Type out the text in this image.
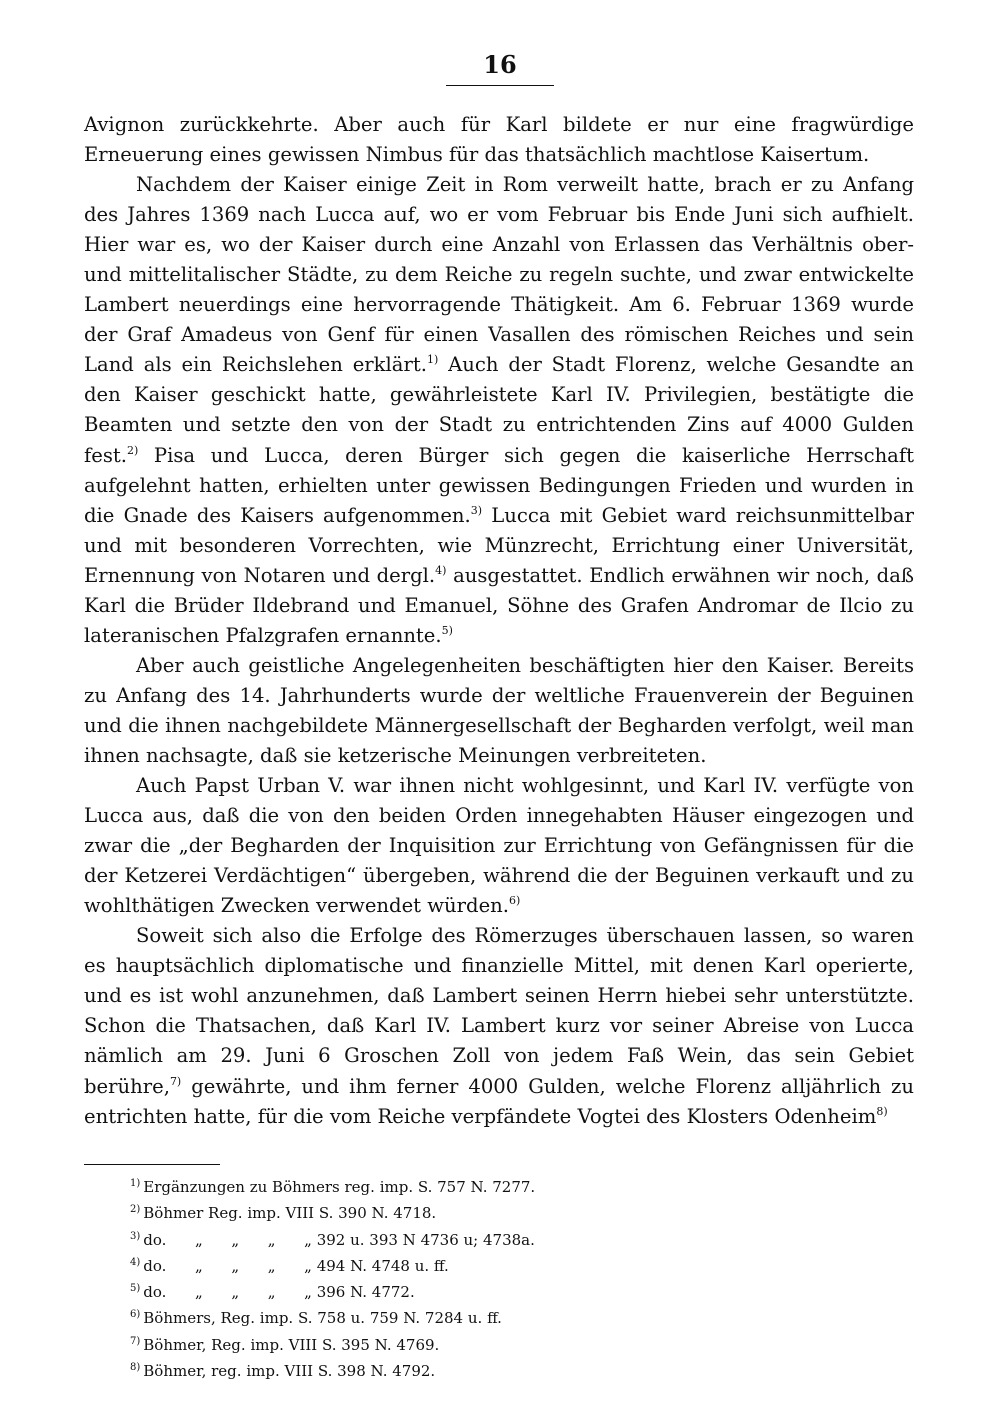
16

Avignon zurückkehrte. Aber auch für Karl bildete er nur eine fragwürdige Erneuerung eines gewissen Nimbus für das thatsächlich machtlose Kaisertum.

Nachdem der Kaiser einige Zeit in Rom verweilt hatte, brach er zu Anfang des Jahres 1369 nach Lucca auf, wo er vom Februar bis Ende Juni sich aufhielt. Hier war es, wo der Kaiser durch eine Anzahl von Erlassen das Verhältnis ober- und mittelitalischer Städte, zu dem Reiche zu regeln suchte, und zwar entwickelte Lambert neuerdings eine hervorragende Thätigkeit. Am 6. Februar 1369 wurde der Graf Amadeus von Genf für einen Vasallen des römischen Reiches und sein Land als ein Reichslehen erklärt.$^{1)}$ Auch der Stadt Florenz, welche Gesandte an den Kaiser geschickt hatte, gewährleistete Karl IV. Privilegien, bestätigte die Beamten und setzte den von der Stadt zu entrichtenden Zins auf 4000 Gulden fest.$^{2)}$ Pisa und Lucca, deren Bürger sich gegen die kaiserliche Herrschaft aufgelehnt hatten, erhielten unter gewissen Bedingungen Frieden und wurden in die Gnade des Kaisers aufgenommen.$^{3)}$ Lucca mit Gebiet ward reichsunmittelbar und mit besonderen Vorrechten, wie Münzrecht, Errichtung einer Universität, Ernennung von Notaren und dergl.$^{4)}$ ausgestattet. Endlich erwähnen wir noch, daß Karl die Brüder Ildebrand und Emanuel, Söhne des Grafen Andromar de Ilcio zu lateranischen Pfalzgrafen ernannte.$^{5)}$

Aber auch geistliche Angelegenheiten beschäftigten hier den Kaiser. Bereits zu Anfang des 14. Jahrhunderts wurde der weltliche Frauenverein der Beguinen und die ihnen nachgebildete Männergesellschaft der Begharden verfolgt, weil man ihnen nachsagte, daß sie ketzerische Meinungen verbreiteten.

Auch Papst Urban V. war ihnen nicht wohlgesinnt, und Karl IV. verfügte von Lucca aus, daß die von den beiden Orden innegehabten Häuser eingezogen und zwar die „der Begharden der Inquisition zur Errichtung von Gefängnissen für die der Ketzerei Verdächtigen“ übergeben, während die der Beguinen verkauft und zu wohlthätigen Zwecken verwendet würden.$^{6)}$

Soweit sich also die Erfolge des Römerzuges überschauen lassen, so waren es hauptsächlich diplomatische und finanzielle Mittel, mit denen Karl operierte, und es ist wohl anzunehmen, daß Lambert seinen Herrn hiebei sehr unterstützte. Schon die Thatsachen, daß Karl IV. Lambert kurz vor seiner Abreise von Lucca nämlich am 29. Juni 6 Groschen Zoll von jedem Faß Wein, das sein Gebiet berühre,$^{7)}$ gewährte, und ihm ferner 4000 Gulden, welche Florenz alljährlich zu entrichten hatte, für die vom Reiche verpfändete Vogtei des Klosters Odenheim$^{8)}$

$^{1)}$ Ergänzungen zu Böhmers reg. imp. S. 757 N. 7277.
$^{2)}$ Böhmer Reg. imp. VIII S. 390 N. 4718.
$^{3)}$ do.      „      „      „      „ 392 u. 393 N 4736 u; 4738a.
$^{4)}$ do.      „      „      „      „ 494 N. 4748 u. ff.
$^{5)}$ do.      „      „      „      „ 396 N. 4772.
$^{6)}$ Böhmers, Reg. imp. S. 758 u. 759 N. 7284 u. ff.
$^{7)}$ Böhmer, Reg. imp. VIII S. 395 N. 4769.
$^{8)}$ Böhmer, reg. imp. VIII S. 398 N. 4792.
